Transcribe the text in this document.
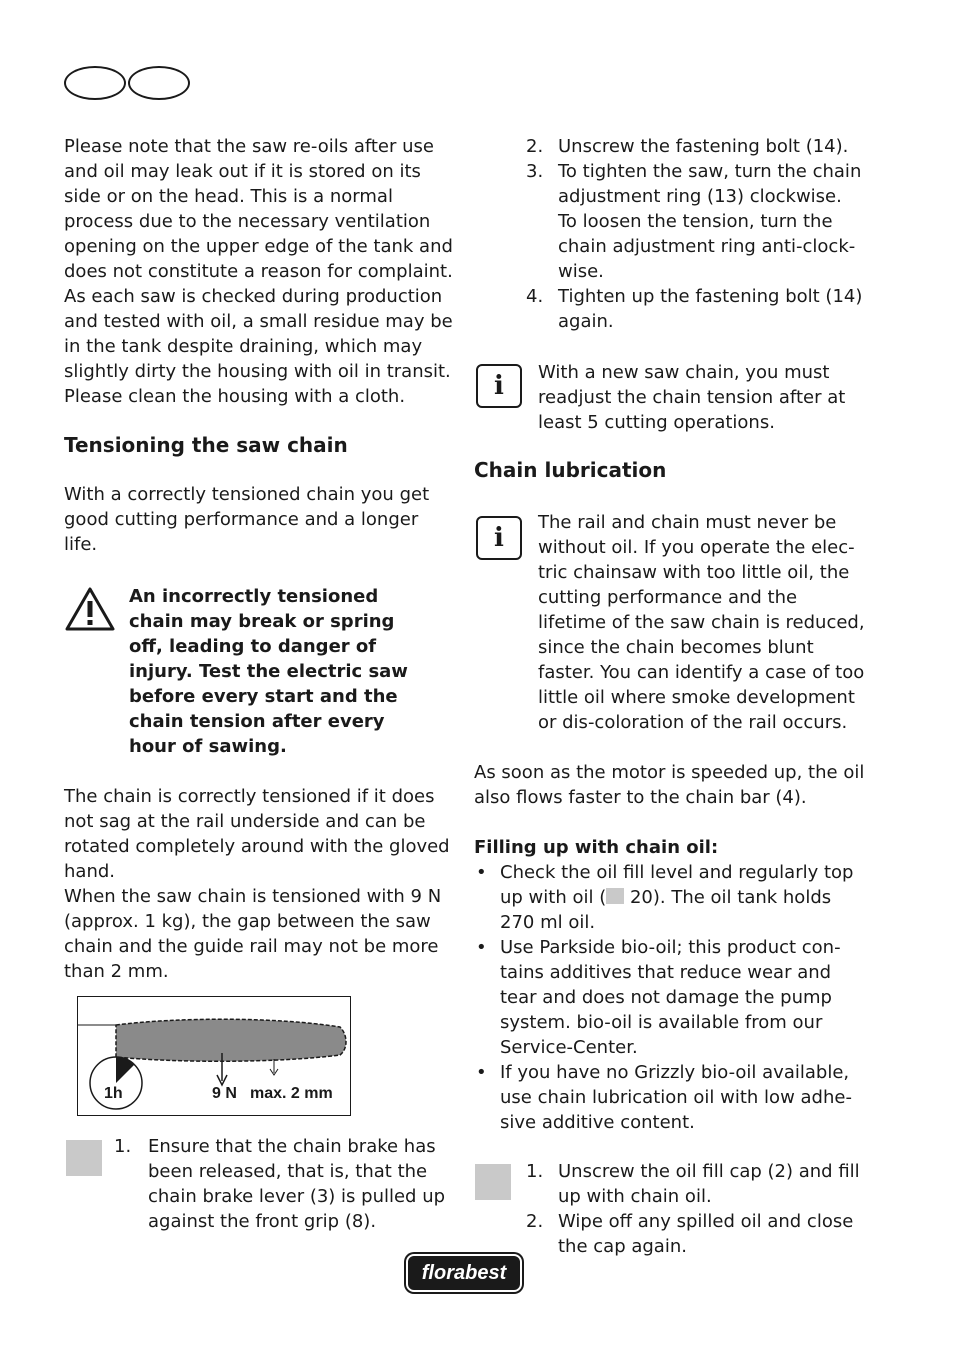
Please note that the saw re-oils after use and oil may leak out if it is stored on its side or on the head. This is a normal process due to the necessary ventilation opening on the upper edge of the tank and does not constitute a reason for complaint. As each saw is checked during production and tested with oil, a small residue may be in the tank despite draining, which may slightly dirty the housing with oil in transit. Please clean the housing with a cloth.

Tensioning the saw chain

With a correctly tensioned chain you get good cutting performance and a longer life.

An incorrectly tensioned chain may break or spring off, leading to danger of injury. Test the electric saw before every start and the chain tension after every hour of sawing.

The chain is correctly tensioned if it does not sag at the rail underside and can be rotated completely around with the gloved hand.

When the saw chain is tensioned with 9 N (approx. 1 kg), the gap between the saw chain and the guide rail may not be more than 2 mm.

1h	9 N max. 2 mm
1. Ensure that the chain brake has been released, that is, that the chain brake lever (3) is pulled up against the front grip (8).
2. Unscrew the fastening bolt (14).
3. To tighten the saw, turn the chain adjustment ring (13) clockwise. To loosen the tension, turn the chain adjustment ring anti-clock-wise.
4. Tighten up the fastening bolt (14) again.
i	With a new saw chain, you must readjust the chain tension after at least 5 cutting operations.

Chain lubrication

i

The rail and chain must never be without oil. If you operate the elec-tric chainsaw with too little oil, the cutting performance and the lifetime of the saw chain is reduced, since the chain becomes blunt faster. You can identify a case of too little oil where smoke development or dis-coloration of the rail occurs.

As soon as the motor is speeded up, the oil also flows faster to the chain bar (4).

Filling up with chain oil:

• Check the oil fill level and regularly top up with oil ( 20). The oil tank holds 270 ml oil.
• Use Parkside bio-oil; this product con-tains additives that reduce wear and tear and does not damage the pump system. bio-oil is available from our Service-Center.
• If you have no Grizzly bio-oil available, use chain lubrication oil with low adhe-sive additive content.
1. Unscrew the oil fill cap (2) and fill up with chain oil.
2. Wipe off any spilled oil and close the cap again.
florabest
